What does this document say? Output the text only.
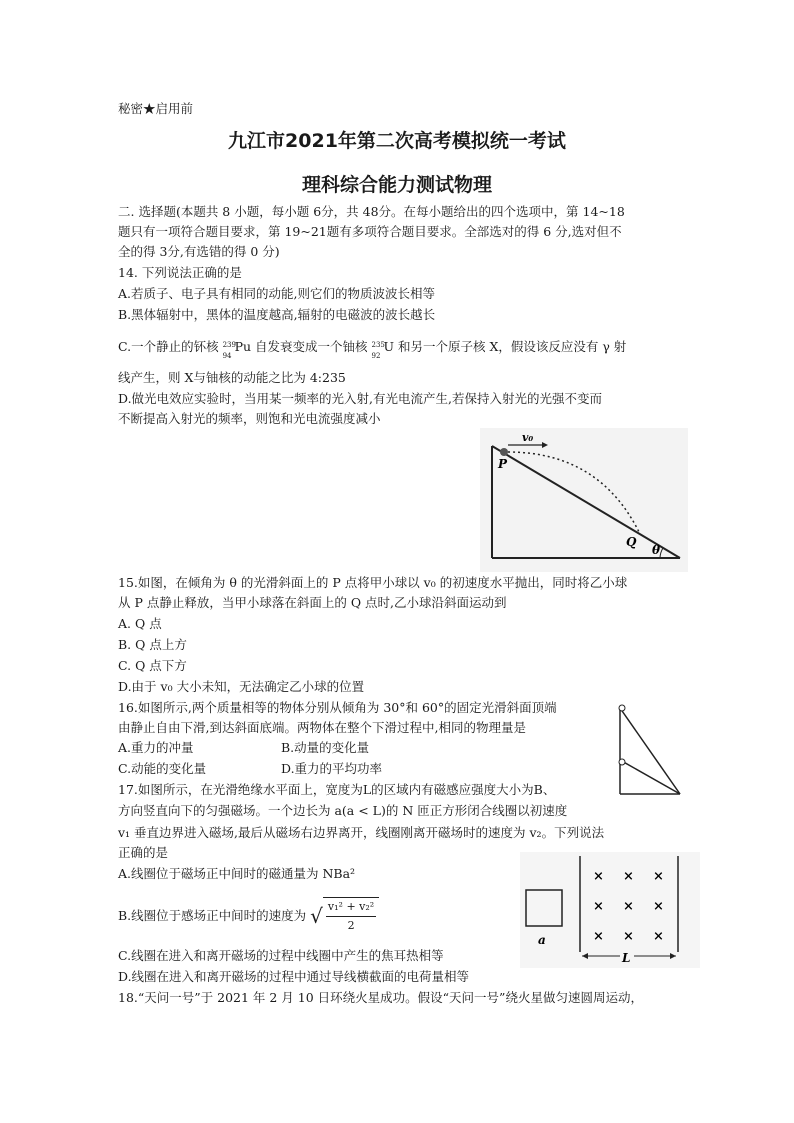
秘密★启用前
九江市2021年第二次高考模拟统一考试
理科综合能力测试物理
二. 选择题(本题共 8 小题，每小题 6分，共 48分。在每小题给出的四个选项中，第 14~18
题只有一项符合题目要求，第 19~21题有多项符合题目要求。全部选对的得 6 分,选对但不
全的得 3分,有选错的得 0 分)
14. 下列说法正确的是
A.若质子、电子具有相同的动能,则它们的物质波波长相等
B.黑体辐射中，黑体的温度越高,辐射的电磁波的波长越长
C.一个静止的钚核 239
94
Pu 自发衰变成一个铀核 235
92
U 和另一个原子核 X，假设该反应没有 γ 射
线产生，则 X与铀核的动能之比为 4:235
D.做光电效应实验时，当用某一频率的光入射,有光电流产生,若保持入射光的光强不变而
不断提高入射光的频率，则饱和光电流强度减小
v₀
P
Q
θ
15.如图，在倾角为 θ 的光滑斜面上的 P 点将甲小球以 v₀ 的初速度水平抛出，同时将乙小球
从 P 点静止释放，当甲小球落在斜面上的 Q 点时,乙小球沿斜面运动到
A. Q 点
B. Q 点上方
C. Q 点下方
D.由于 v₀ 大小未知，无法确定乙小球的位置
16.如图所示,两个质量相等的物体分别从倾角为 30°和 60°的固定光滑斜面顶端
由静止自由下滑,到达斜面底端。两物体在整个下滑过程中,相同的物理量是
A.重力的冲量	B.动量的变化量
C.动能的变化量	D.重力的平均功率
17.如图所示，在光滑绝缘水平面上，宽度为L的区域内有磁感应强度大小为B、
方向竖直向下的匀强磁场。一个边长为 a(a < L)的 N 匝正方形闭合线圈以初速度
v₁ 垂直边界进入磁场,最后从磁场右边界离开，线圈刚离开磁场时的速度为 v₂。下列说法
正确的是
A.线圈位于磁场正中间时的磁通量为 NBa²
B.线圈位于感场正中间时的速度为 √ $\frac{\text{v₁² + v₂²}}{2}$
C.线圈在进入和离开磁场的过程中线圈中产生的焦耳热相等
D.线圈在进入和离开磁场的过程中通过导线横截面的电荷量相等
a
× × ×
× × ×
× × ×
L
18.“天问一号”于 2021 年 2 月 10 日环绕火星成功。假设“天问一号”绕火星做匀速圆周运动，
